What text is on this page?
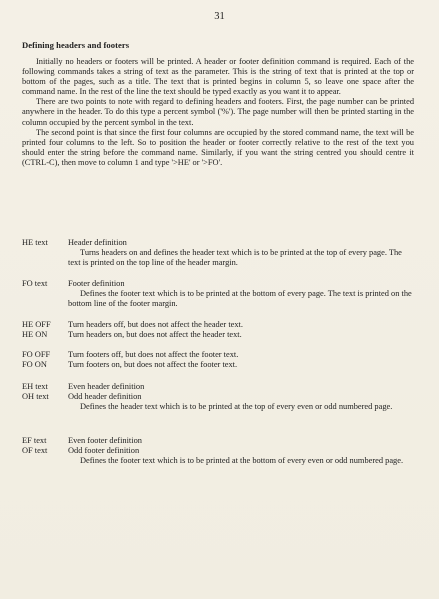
31
Defining headers and footers

Initially no headers or footers will be printed. A header or footer definition command is required. Each of the following commands takes a string of text as the parameter. This is the string of text that is printed at the top or bottom of the pages, such as a title. The text that is printed begins in column 5, so leave one space after the command name. In the rest of the line the text should be typed exactly as you want it to appear.

There are two points to note with regard to defining headers and footers. First, the page number can be printed anywhere in the header. To do this type a percent symbol ('%'). The page number will then be printed starting in the column occupied by the percent symbol in the text.

The second point is that since the first four columns are occupied by the stored command name, the text will be printed four columns to the left. So to position the header or footer correctly relative to the rest of the text you should enter the string before the command name. Similarly, if you want the string centred you should centre it (CTRL-C), then move to column 1 and type '>HE' or '>FO'.

HE text	Header definition
Turns headers on and defines the header text which is to be printed at the top of every page. The text is printed on the top line of the header margin.
FO text	Footer definition
Defines the footer text which is to be printed at the bottom of every page. The text is printed on the bottom line of the footer margin.
HE OFF
HE ON
Turn headers off, but does not affect the header text.
Turn headers on, but does not affect the header text.
FO OFF
FO ON
Turn footers off, but does not affect the footer text.
Turn footers on, but does not affect the footer text.
EH text
OH text
Even header definition
Odd header definition
Defines the header text which is to be printed at the top of every even or odd numbered page.
EF text
OF text
Even footer definition
Odd footer definition
Defines the footer text which is to be printed at the bottom of every even or odd numbered page.
